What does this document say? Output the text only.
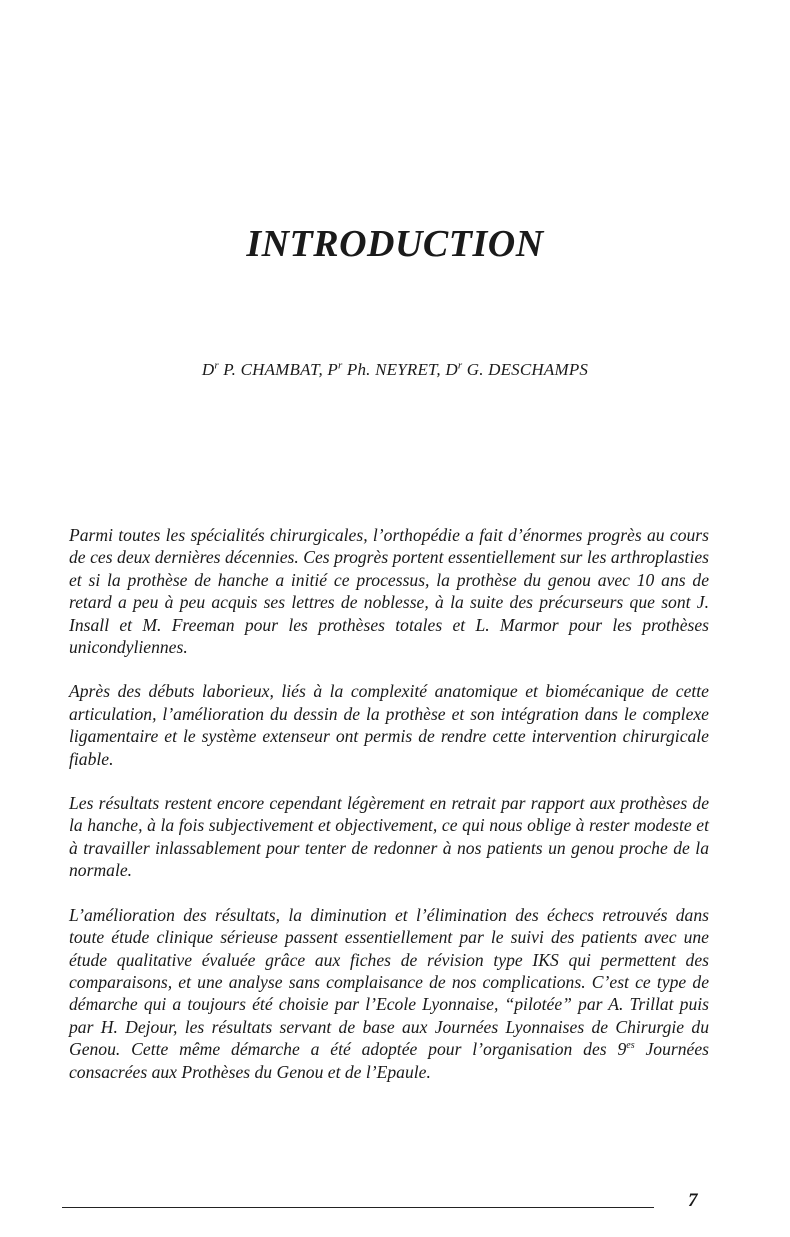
INTRODUCTION

$D^r$ P. CHAMBAT, $P^r$ Ph. NEYRET, $D^r$ G. DESCHAMPS

Parmi toutes les spécialités chirurgicales, l’orthopédie a fait d’énormes progrès au cours de ces deux dernières décennies. Ces progrès portent essentiellement sur les arthroplasties et si la prothèse de hanche a initié ce processus, la prothèse du genou avec 10 ans de retard a peu à peu acquis ses lettres de noblesse, à la suite des précurseurs que sont J. Insall et M. Freeman pour les prothèses totales et L. Marmor pour les prothèses unicondyliennes.

Après des débuts laborieux, liés à la complexité anatomique et biomécanique de cette articulation, l’amélioration du dessin de la prothèse et son intégration dans le complexe ligamentaire et le système extenseur ont permis de rendre cette intervention chirurgicale fiable.

Les résultats restent encore cependant légèrement en retrait par rapport aux prothèses de la hanche, à la fois subjectivement et objectivement, ce qui nous oblige à rester modeste et à travailler inlassablement pour tenter de redonner à nos patients un genou proche de la normale.

L’amélioration des résultats, la diminution et l’élimination des échecs retrouvés dans toute étude clinique sérieuse passent essentiellement par le suivi des patients avec une étude qualitative évaluée grâce aux fiches de révision type IKS qui permettent des comparaisons, et une analyse sans complaisance de nos complications. C’est ce type de démarche qui a toujours été choisie par l’Ecole Lyonnaise, “pilotée” par A. Trillat puis par H. Dejour, les résultats servant de base aux Journées Lyonnaises de Chirurgie du Genou. Cette même démarche a été adoptée pour l’organisation des $9^{es}$ Journées consacrées aux Prothèses du Genou et de l’Epaule.

7
